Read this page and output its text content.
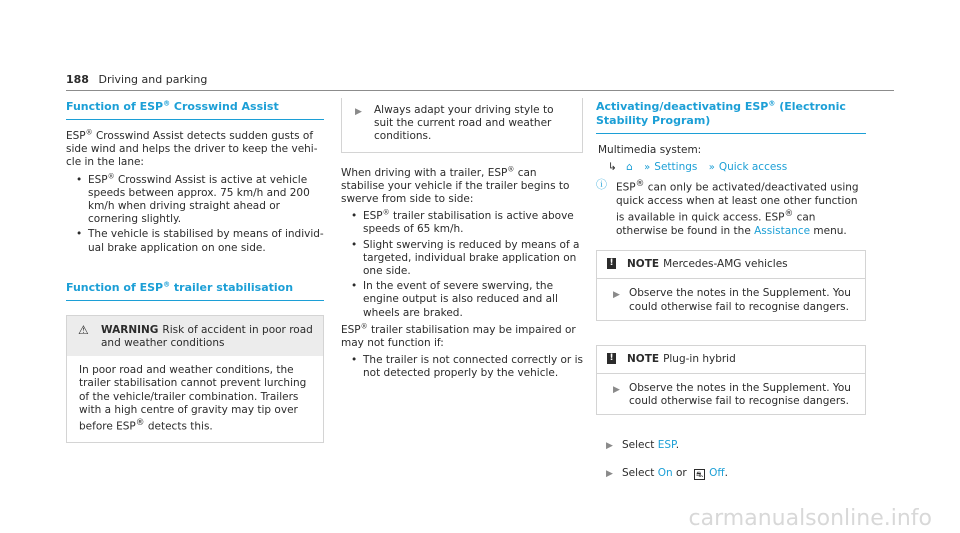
188 Driving and parking
Function of ESP® Crosswind Assist

ESP® Crosswind Assist detects sudden gusts of side wind and helps the driver to keep the vehicle in the lane:

• ESP® Crosswind Assist is active at vehicle speeds between approx. 75 km/h and 200 km/h when driving straight ahead or cornering slightly.
• The vehicle is stabilised by means of individual brake application on one side.
Function of ESP® trailer stabilisation
⚠ WARNING Risk of accident in poor road and weather conditions
In poor road and weather conditions, the trailer stabilisation cannot prevent lurching of the vehicle/trailer combination. Trailers with a high centre of gravity may tip over before ESP® detects this.
▶ Always adapt your driving style to suit the current road and weather conditions.

When driving with a trailer, ESP® can stabilise your vehicle if the trailer begins to swerve from side to side:

• ESP® trailer stabilisation is active above speeds of 65 km/h.
• Slight swerving is reduced by means of a targeted, individual brake application on one side.
• In the event of severe swerving, the engine output is also reduced and all wheels are braked.

ESP® trailer stabilisation may be impaired or may not function if:

• The trailer is not connected correctly or is not detected properly by the vehicle.
Activating/deactivating ESP® (Electronic Stability Program)

Multimedia system:

↳ ⌂ » Settings » Quick access
ⓘ ESP® can only be activated/deactivated using quick access when at least one other function is available in quick access. ESP® can otherwise be found in the Assistance menu.
! NOTE Mercedes-AMG vehicles
▶ Observe the notes in the Supplement. You could otherwise fail to recognise dangers.
! NOTE Plug-in hybrid
▶ Observe the notes in the Supplement. You could otherwise fail to recognise dangers.
▶ Select ESP.
▶ Select On or ⛐ Off.
carmanualsonline.info
